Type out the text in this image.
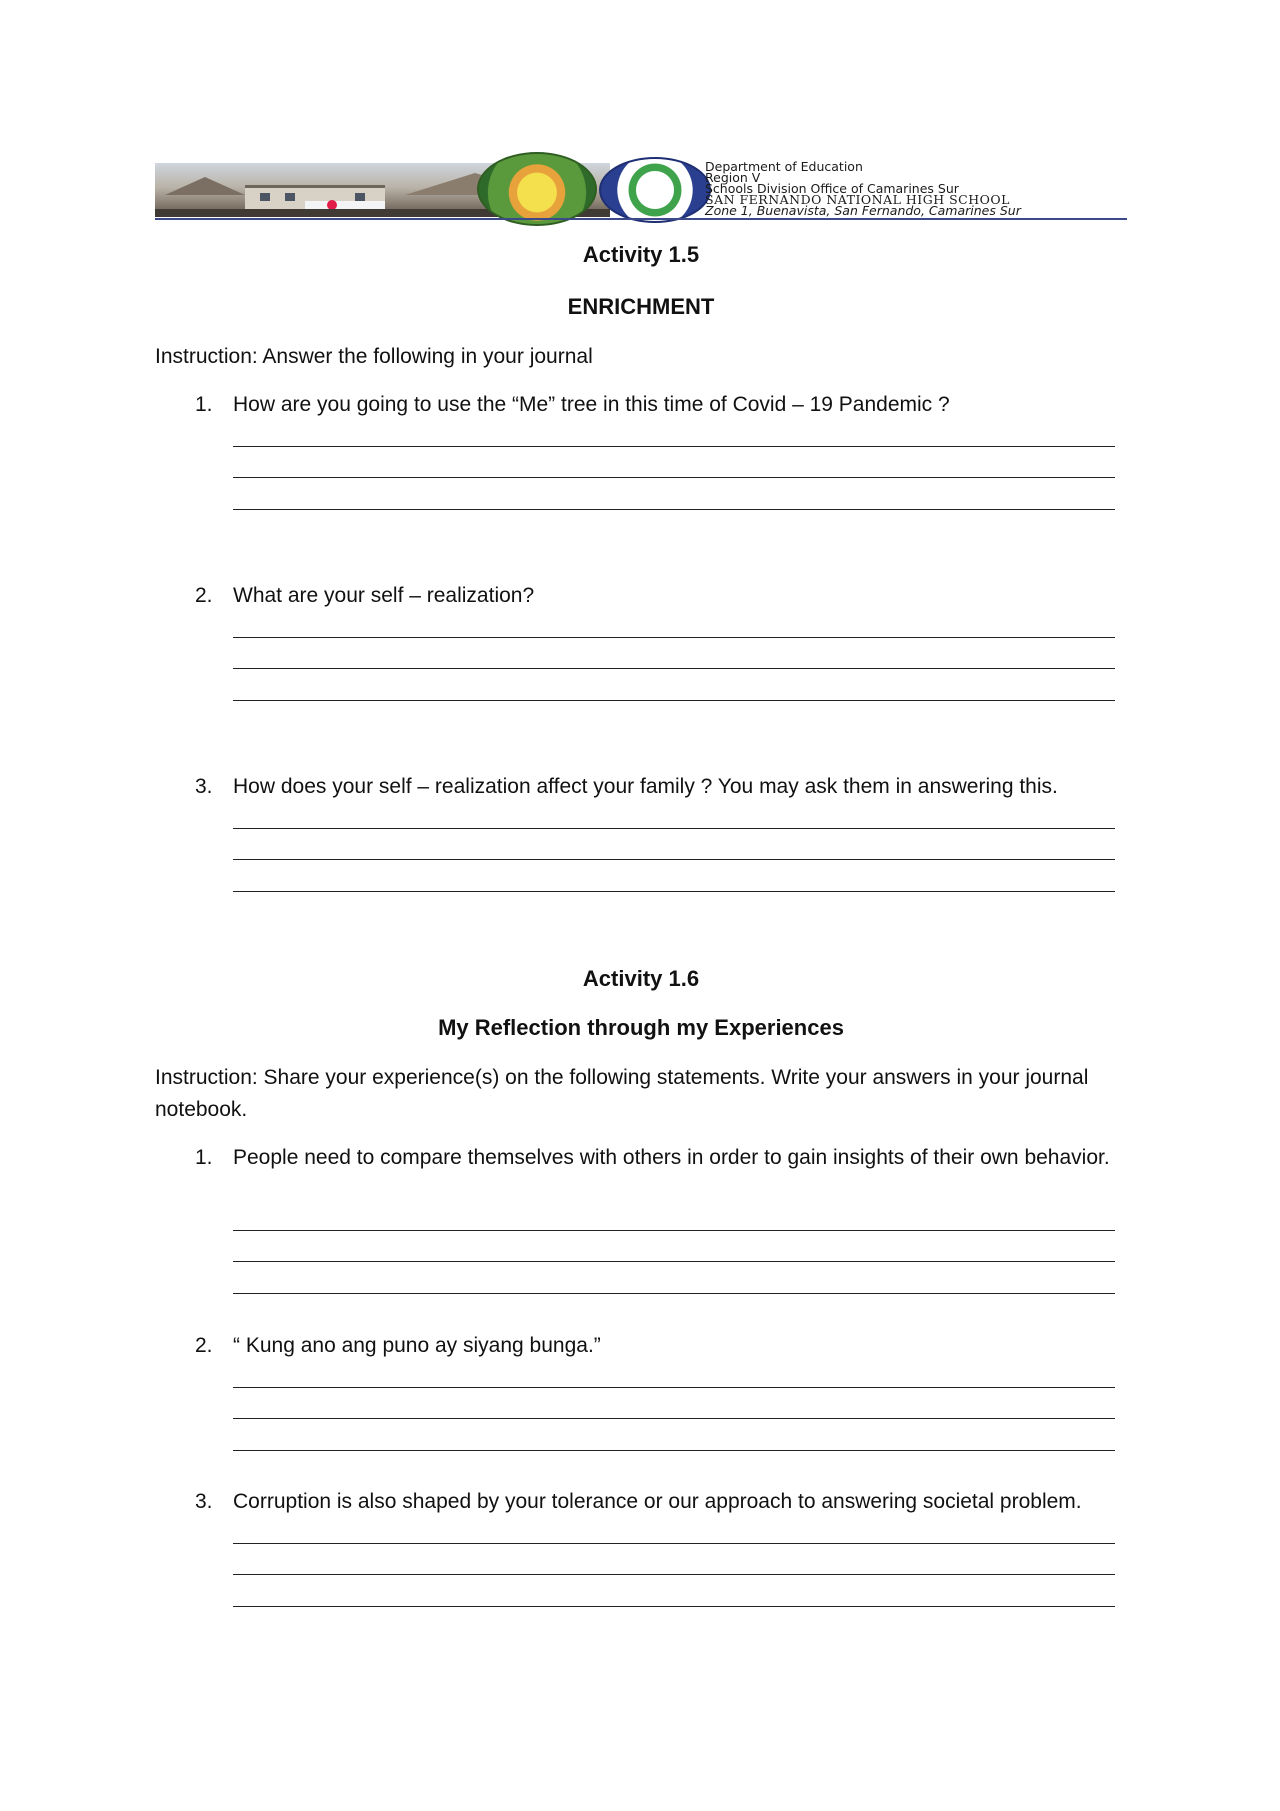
Department of Education
Region V
Schools Division Office of Camarines Sur
SAN FERNANDO NATIONAL HIGH SCHOOL
Zone 1, Buenavista, San Fernando, Camarines Sur
Activity 1.5
ENRICHMENT
Instruction: Answer the following in your journal
1. How are you going to use the “Me” tree in this time of Covid – 19 Pandemic ?
2. What are your self – realization?
3. How does your self – realization affect your family ? You may ask them in answering this.
Activity 1.6
My Reflection through my Experiences
Instruction: Share your experience(s) on the following statements. Write your answers in your journal notebook.
1. People need to compare themselves with others in order to gain insights of their own behavior.
2. “ Kung ano ang puno ay siyang bunga.”
3. Corruption is also shaped by your tolerance or our approach to answering societal problem.
